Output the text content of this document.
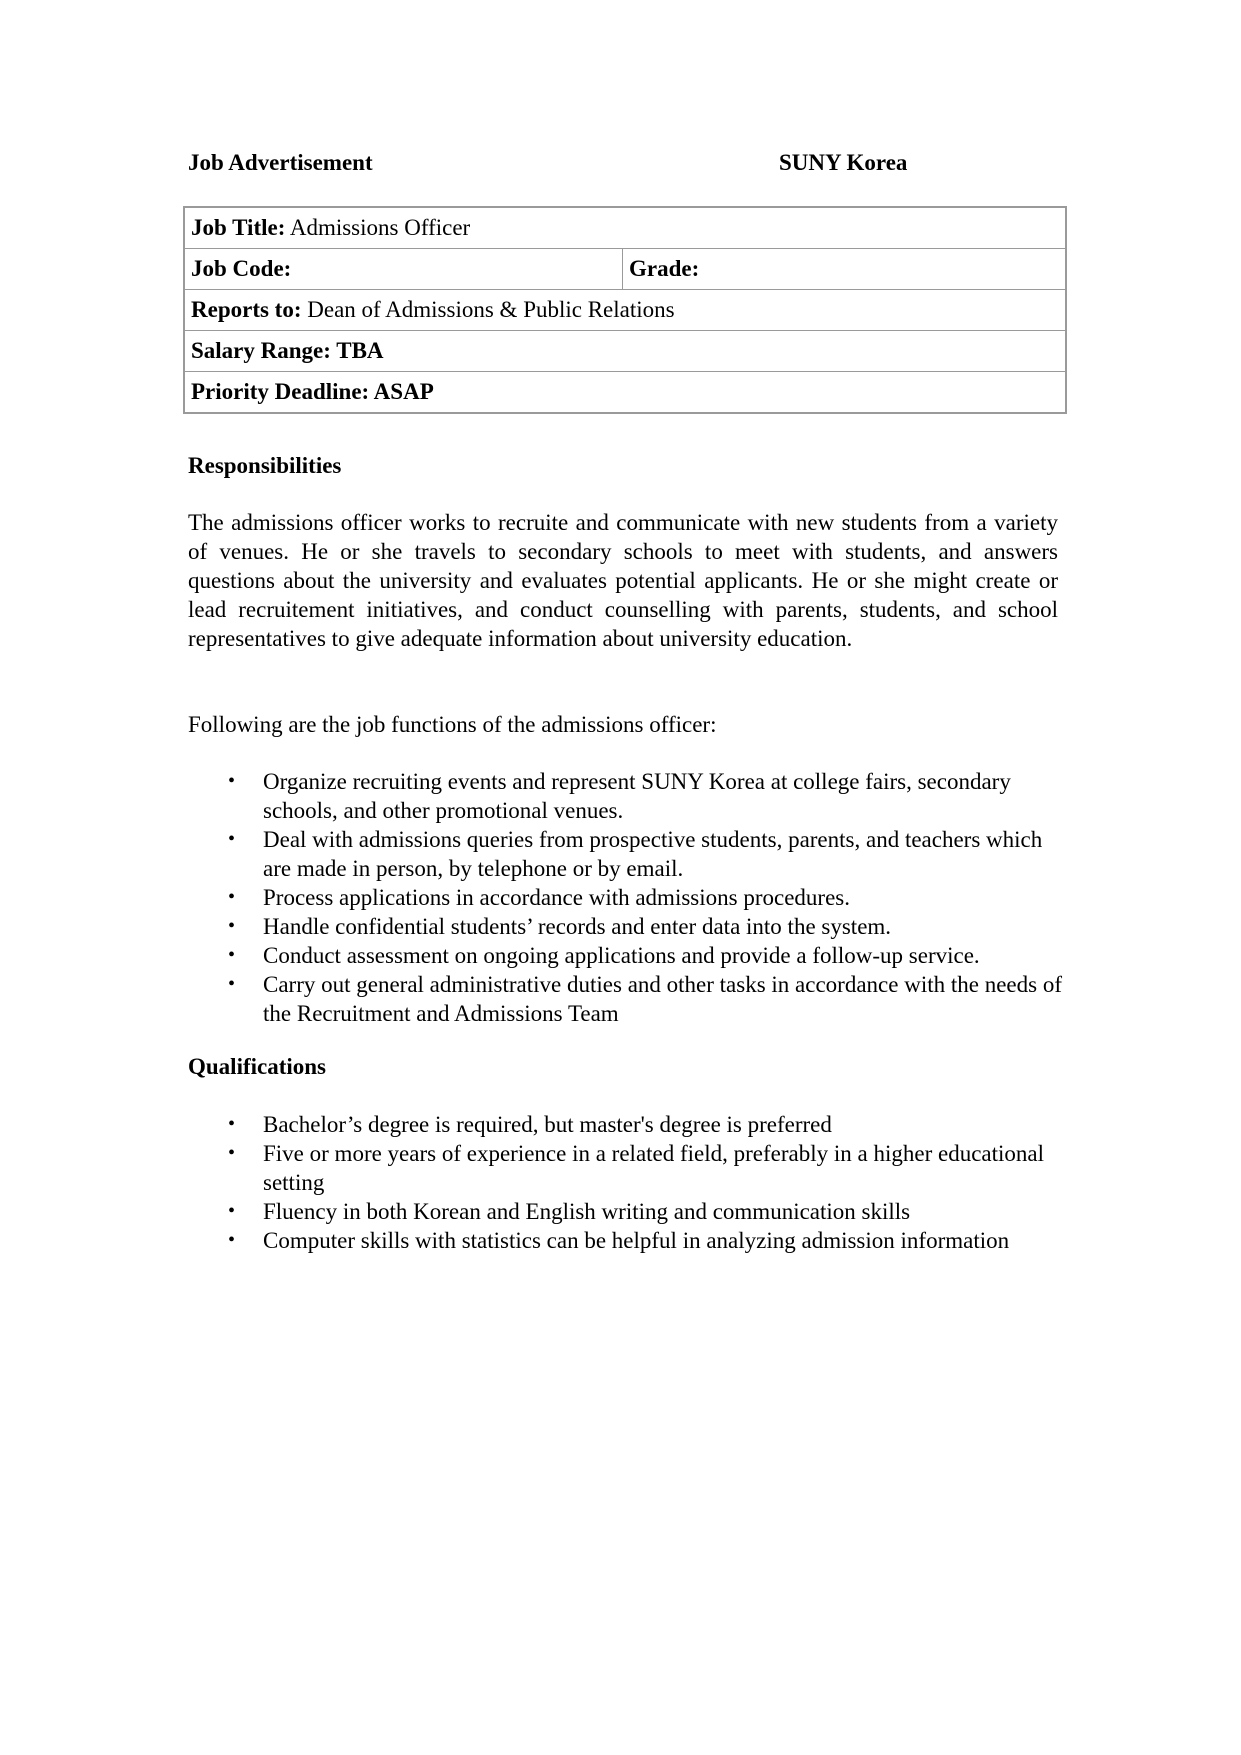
Job Advertisement	SUNY Korea
Job Title: Admissions Officer
Job Code:	Grade:
Reports to: Dean of Admissions & Public Relations
Salary Range: TBA
Priority Deadline: ASAP
Responsibilities
The admissions officer works to recruite and communicate with new students from a variety of venues. He or she travels to secondary schools to meet with students, and answers questions about the university and evaluates potential applicants. He or she might create or lead recruitement initiatives, and conduct counselling with parents, students, and school representatives to give adequate information about university education.
Following are the job functions of the admissions officer:
• Organize recruiting events and represent SUNY Korea at college fairs, secondary schools, and other promotional venues.
• Deal with admissions queries from prospective students, parents, and teachers which are made in person, by telephone or by email.
• Process applications in accordance with admissions procedures.
• Handle confidential students’ records and enter data into the system.
• Conduct assessment on ongoing applications and provide a follow-up service.
• Carry out general administrative duties and other tasks in accordance with the needs of the Recruitment and Admissions Team
Qualifications
• Bachelor’s degree is required, but master's degree is preferred
• Five or more years of experience in a related field, preferably in a higher educational setting
• Fluency in both Korean and English writing and communication skills
• Computer skills with statistics can be helpful in analyzing admission information
